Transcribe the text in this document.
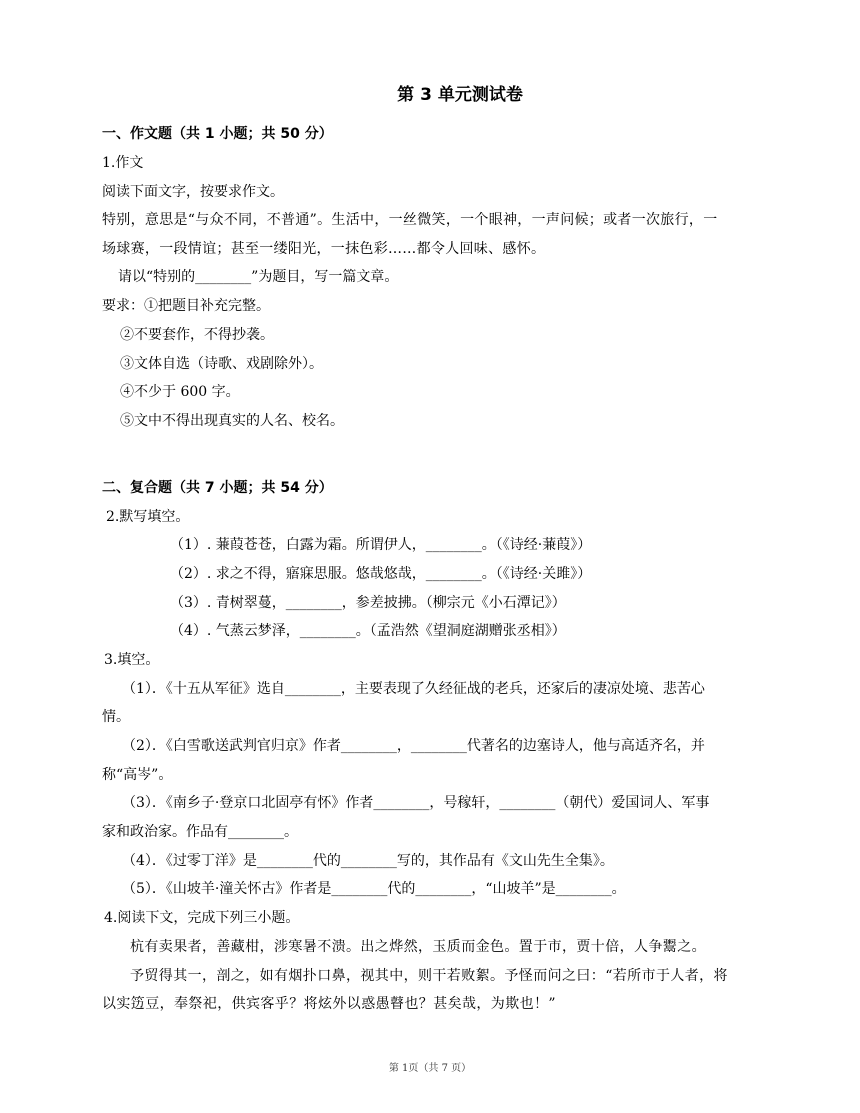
第 3 单元测试卷
一、作文题（共 1 小题；共 50 分）
1.作文
阅读下面文字，按要求作文。
特别，意思是“与众不同，不普通”。生活中，一丝微笑，一个眼神，一声问候；或者一次旅行，一
场球赛，一段情谊；甚至一缕阳光，一抹色彩……都令人回味、感怀。
请以“特别的________”为题目，写一篇文章。
要求：①把题目补充完整。
②不要套作，不得抄袭。
③文体自选（诗歌、戏剧除外）。
④不少于 600 字。
⑤文中不得出现真实的人名、校名。
二、复合题（共 7 小题；共 54 分）
2.默写填空。
（1）. 蒹葭苍苍，白露为霜。所谓伊人，________。（《诗经·蒹葭》）
（2）. 求之不得，寤寐思服。悠哉悠哉，________。（《诗经·关雎》）
（3）. 青树翠蔓，________，参差披拂。（柳宗元《小石潭记》）
（4）. 气蒸云梦泽，________。（孟浩然《望洞庭湖赠张丞相》）
3.填空。
（1）．《十五从军征》选自________，主要表现了久经征战的老兵，还家后的凄凉处境、悲苦心
情。
（2）．《白雪歌送武判官归京》作者________，________代著名的边塞诗人，他与高适齐名，并
称“高岑”。
（3）．《南乡子·登京口北固亭有怀》作者________，号稼轩，________（朝代）爱国词人、军事
家和政治家。作品有________。
（4）．《过零丁洋》是________代的________写的，其作品有《文山先生全集》。
（5）．《山坡羊·潼关怀古》作者是________代的________，“山坡羊”是________。
4.阅读下文，完成下列三小题。
杭有卖果者，善藏柑，涉寒暑不溃。出之烨然，玉质而金色。置于市，贾十倍，人争鬻之。
予贸得其一，剖之，如有烟扑口鼻，视其中，则干若败絮。予怪而问之曰：“若所市于人者，将
以实笾豆，奉祭祀，供宾客乎？将炫外以惑愚瞽也？甚矣哉，为欺也！”
第 1页（共 7 页）
